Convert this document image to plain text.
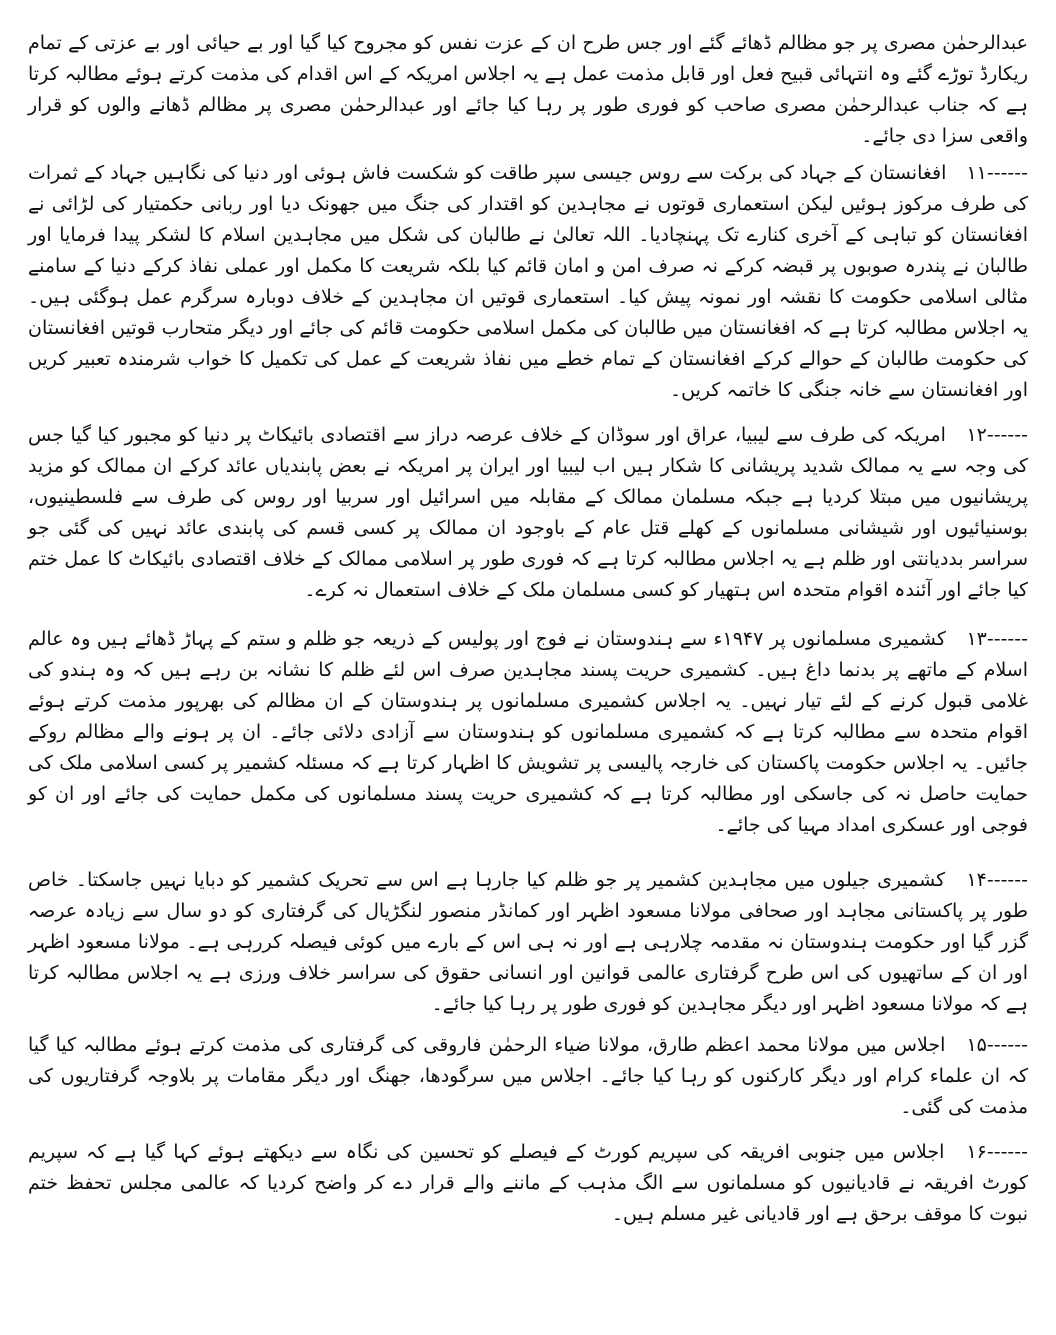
عبدالرحمٰن مصری پر جو مظالم ڈھائے گئے اور جس طرح ان کے عزت نفس کو مجروح کیا گیا اور بے حیائی اور بے عزتی کے تمام ریکارڈ توڑے گئے وہ انتہائی قبیح فعل اور قابل مذمت عمل ہے یہ اجلاس امریکہ کے اس اقدام کی مذمت کرتے ہوئے مطالبہ کرتا ہے کہ جناب عبدالرحمٰن مصری صاحب کو فوری طور پر رہا کیا جائے اور عبدالرحمٰن مصری پر مظالم ڈھانے والوں کو قرار واقعی سزا دی جائے۔

۱۱------ افغانستان کے جہاد کی برکت سے روس جیسی سپر طاقت کو شکست فاش ہوئی اور دنیا کی نگاہیں جہاد کے ثمرات کی طرف مرکوز ہوئیں لیکن استعماری قوتوں نے مجاہدین کو اقتدار کی جنگ میں جھونک دیا اور ربانی حکمتیار کی لڑائی نے افغانستان کو تباہی کے آخری کنارے تک پہنچادیا۔ اللہ تعالیٰ نے طالبان کی شکل میں مجاہدین اسلام کا لشکر پیدا فرمایا اور طالبان نے پندرہ صوبوں پر قبضہ کرکے نہ صرف امن و امان قائم کیا بلکہ شریعت کا مکمل اور عملی نفاذ کرکے دنیا کے سامنے مثالی اسلامی حکومت کا نقشہ اور نمونہ پیش کیا۔ استعماری قوتیں ان مجاہدین کے خلاف دوبارہ سرگرم عمل ہوگئی ہیں۔ یہ اجلاس مطالبہ کرتا ہے کہ افغانستان میں طالبان کی مکمل اسلامی حکومت قائم کی جائے اور دیگر متحارب قوتیں افغانستان کی حکومت طالبان کے حوالے کرکے افغانستان کے تمام خطے میں نفاذ شریعت کے عمل کی تکمیل کا خواب شرمندہ تعبیر کریں اور افغانستان سے خانہ جنگی کا خاتمہ کریں۔

۱۲------ امریکہ کی طرف سے لیبیا، عراق اور سوڈان کے خلاف عرصہ دراز سے اقتصادی بائیکاٹ پر دنیا کو مجبور کیا گیا جس کی وجہ سے یہ ممالک شدید پریشانی کا شکار ہیں اب لیبیا اور ایران پر امریکہ نے بعض پابندیاں عائد کرکے ان ممالک کو مزید پریشانیوں میں مبتلا کردیا ہے جبکہ مسلمان ممالک کے مقابلہ میں اسرائیل اور سربیا اور روس کی طرف سے فلسطینیوں، بوسنیائیوں اور شیشانی مسلمانوں کے کھلے قتل عام کے باوجود ان ممالک پر کسی قسم کی پابندی عائد نہیں کی گئی جو سراسر بددیانتی اور ظلم ہے یہ اجلاس مطالبہ کرتا ہے کہ فوری طور پر اسلامی ممالک کے خلاف اقتصادی بائیکاٹ کا عمل ختم کیا جائے اور آئندہ اقوام متحدہ اس ہتھیار کو کسی مسلمان ملک کے خلاف استعمال نہ کرے۔

۱۳------ کشمیری مسلمانوں پر ۱۹۴۷ء سے ہندوستان نے فوج اور پولیس کے ذریعہ جو ظلم و ستم کے پہاڑ ڈھائے ہیں وہ عالم اسلام کے ماتھے پر بدنما داغ ہیں۔ کشمیری حریت پسند مجاہدین صرف اس لئے ظلم کا نشانہ بن رہے ہیں کہ وہ ہندو کی غلامی قبول کرنے کے لئے تیار نہیں۔ یہ اجلاس کشمیری مسلمانوں پر ہندوستان کے ان مظالم کی بھرپور مذمت کرتے ہوئے اقوام متحدہ سے مطالبہ کرتا ہے کہ کشمیری مسلمانوں کو ہندوستان سے آزادی دلائی جائے۔ ان پر ہونے والے مظالم روکے جائیں۔ یہ اجلاس حکومت پاکستان کی خارجہ پالیسی پر تشویش کا اظہار کرتا ہے کہ مسئلہ کشمیر پر کسی اسلامی ملک کی حمایت حاصل نہ کی جاسکی اور مطالبہ کرتا ہے کہ کشمیری حریت پسند مسلمانوں کی مکمل حمایت کی جائے اور ان کو فوجی اور عسکری امداد مہیا کی جائے۔

۱۴------ کشمیری جیلوں میں مجاہدین کشمیر پر جو ظلم کیا جارہا ہے اس سے تحریک کشمیر کو دبایا نہیں جاسکتا۔ خاص طور پر پاکستانی مجاہد اور صحافی مولانا مسعود اظہر اور کمانڈر منصور لنگڑیال کی گرفتاری کو دو سال سے زیادہ عرصہ گزر گیا اور حکومت ہندوستان نہ مقدمہ چلارہی ہے اور نہ ہی اس کے بارے میں کوئی فیصلہ کررہی ہے۔ مولانا مسعود اظہر اور ان کے ساتھیوں کی اس طرح گرفتاری عالمی قوانین اور انسانی حقوق کی سراسر خلاف ورزی ہے یہ اجلاس مطالبہ کرتا ہے کہ مولانا مسعود اظہر اور دیگر مجاہدین کو فوری طور پر رہا کیا جائے۔

۱۵------ اجلاس میں مولانا محمد اعظم طارق، مولانا ضیاء الرحمٰن فاروقی کی گرفتاری کی مذمت کرتے ہوئے مطالبہ کیا گیا کہ ان علماء کرام اور دیگر کارکنوں کو رہا کیا جائے۔ اجلاس میں سرگودھا، جھنگ اور دیگر مقامات پر بلاوجہ گرفتاریوں کی مذمت کی گئی۔

۱۶------ اجلاس میں جنوبی افریقہ کی سپریم کورٹ کے فیصلے کو تحسین کی نگاہ سے دیکھتے ہوئے کہا گیا ہے کہ سپریم کورٹ افریقہ نے قادیانیوں کو مسلمانوں سے الگ مذہب کے ماننے والے قرار دے کر واضح کردیا کہ عالمی مجلس تحفظ ختم نبوت کا موقف برحق ہے اور قادیانی غیر مسلم ہیں۔
